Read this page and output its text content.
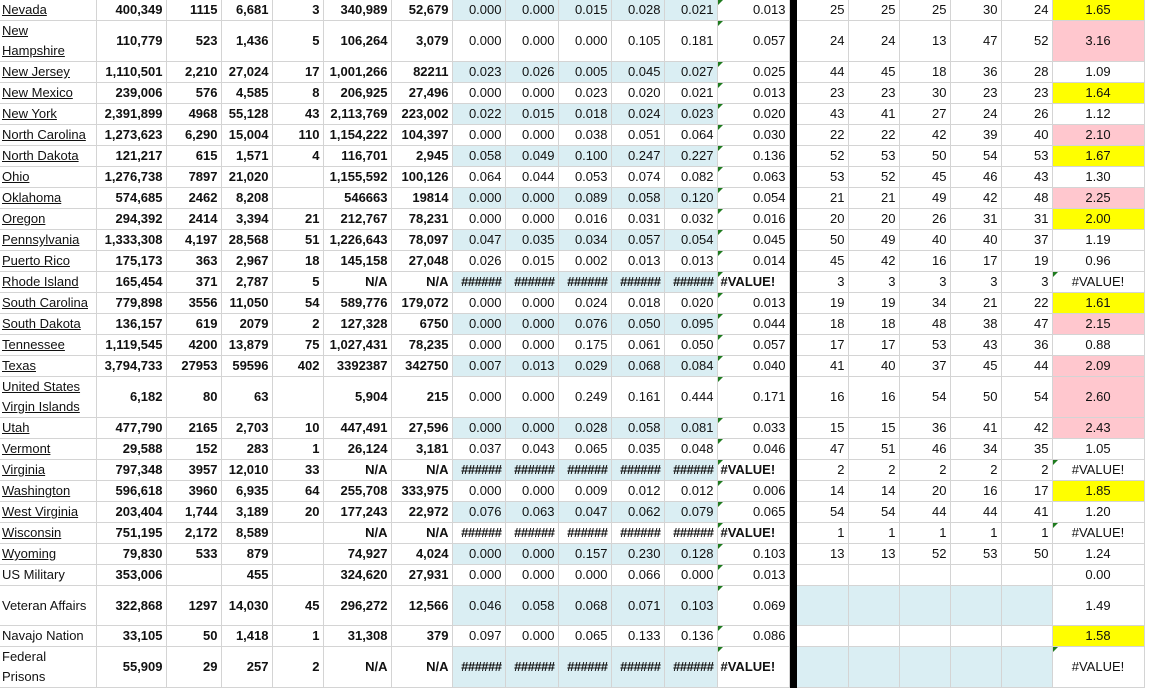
Nevada	400,349	1115	6,681	3	340,989	52,679	0.000	0.000	0.015	0.028	0.021	0.013		25	25	25	30	24	1.65
New Hampshire	110,779	523	1,436	5	106,264	3,079	0.000	0.000	0.000	0.105	0.181	0.057		24	24	13	47	52	3.16
New Jersey	1,110,501	2,210	27,024	17	1,001,266	82211	0.023	0.026	0.005	0.045	0.027	0.025		44	45	18	36	28	1.09
New Mexico	239,006	576	4,585	8	206,925	27,496	0.000	0.000	0.023	0.020	0.021	0.013		23	23	30	23	23	1.64
New York	2,391,899	4968	55,128	43	2,113,769	223,002	0.022	0.015	0.018	0.024	0.023	0.020		43	41	27	24	26	1.12
North Carolina	1,273,623	6,290	15,004	110	1,154,222	104,397	0.000	0.000	0.038	0.051	0.064	0.030		22	22	42	39	40	2.10
North Dakota	121,217	615	1,571	4	116,701	2,945	0.058	0.049	0.100	0.247	0.227	0.136		52	53	50	54	53	1.67
Ohio	1,276,738	7897	21,020		1,155,592	100,126	0.064	0.044	0.053	0.074	0.082	0.063		53	52	45	46	43	1.30
Oklahoma	574,685	2462	8,208		546663	19814	0.000	0.000	0.089	0.058	0.120	0.054		21	21	49	42	48	2.25
Oregon	294,392	2414	3,394	21	212,767	78,231	0.000	0.000	0.016	0.031	0.032	0.016		20	20	26	31	31	2.00
Pennsylvania	1,333,308	4,197	28,568	51	1,226,643	78,097	0.047	0.035	0.034	0.057	0.054	0.045		50	49	40	40	37	1.19
Puerto Rico	175,173	363	2,967	18	145,158	27,048	0.026	0.015	0.002	0.013	0.013	0.014		45	42	16	17	19	0.96
Rhode Island	165,454	371	2,787	5	N/A	N/A	######	######	######	######	######	#VALUE!		3	3	3	3	3	#VALUE!
South Carolina	779,898	3556	11,050	54	589,776	179,072	0.000	0.000	0.024	0.018	0.020	0.013		19	19	34	21	22	1.61
South Dakota	136,157	619	2079	2	127,328	6750	0.000	0.000	0.076	0.050	0.095	0.044		18	18	48	38	47	2.15
Tennessee	1,119,545	4200	13,879	75	1,027,431	78,235	0.000	0.000	0.175	0.061	0.050	0.057		17	17	53	43	36	0.88
Texas	3,794,733	27953	59596	402	3392387	342750	0.007	0.013	0.029	0.068	0.084	0.040		41	40	37	45	44	2.09
United States Virgin Islands	6,182	80	63		5,904	215	0.000	0.000	0.249	0.161	0.444	0.171		16	16	54	50	54	2.60
Utah	477,790	2165	2,703	10	447,491	27,596	0.000	0.000	0.028	0.058	0.081	0.033		15	15	36	41	42	2.43
Vermont	29,588	152	283	1	26,124	3,181	0.037	0.043	0.065	0.035	0.048	0.046		47	51	46	34	35	1.05
Virginia	797,348	3957	12,010	33	N/A	N/A	######	######	######	######	######	#VALUE!		2	2	2	2	2	#VALUE!
Washington	596,618	3960	6,935	64	255,708	333,975	0.000	0.000	0.009	0.012	0.012	0.006		14	14	20	16	17	1.85
West Virginia	203,404	1,744	3,189	20	177,243	22,972	0.076	0.063	0.047	0.062	0.079	0.065		54	54	44	44	41	1.20
Wisconsin	751,195	2,172	8,589		N/A	N/A	######	######	######	######	######	#VALUE!		1	1	1	1	1	#VALUE!
Wyoming	79,830	533	879		74,927	4,024	0.000	0.000	0.157	0.230	0.128	0.103		13	13	52	53	50	1.24
US Military	353,006		455		324,620	27,931	0.000	0.000	0.000	0.066	0.000	0.013							0.00
Veteran Affairs	322,868	1297	14,030	45	296,272	12,566	0.046	0.058	0.068	0.071	0.103	0.069							1.49
Navajo Nation	33,105	50	1,418	1	31,308	379	0.097	0.000	0.065	0.133	0.136	0.086							1.58
Federal Prisons	55,909	29	257	2	N/A	N/A	######	######	######	######	######	#VALUE!							#VALUE!
